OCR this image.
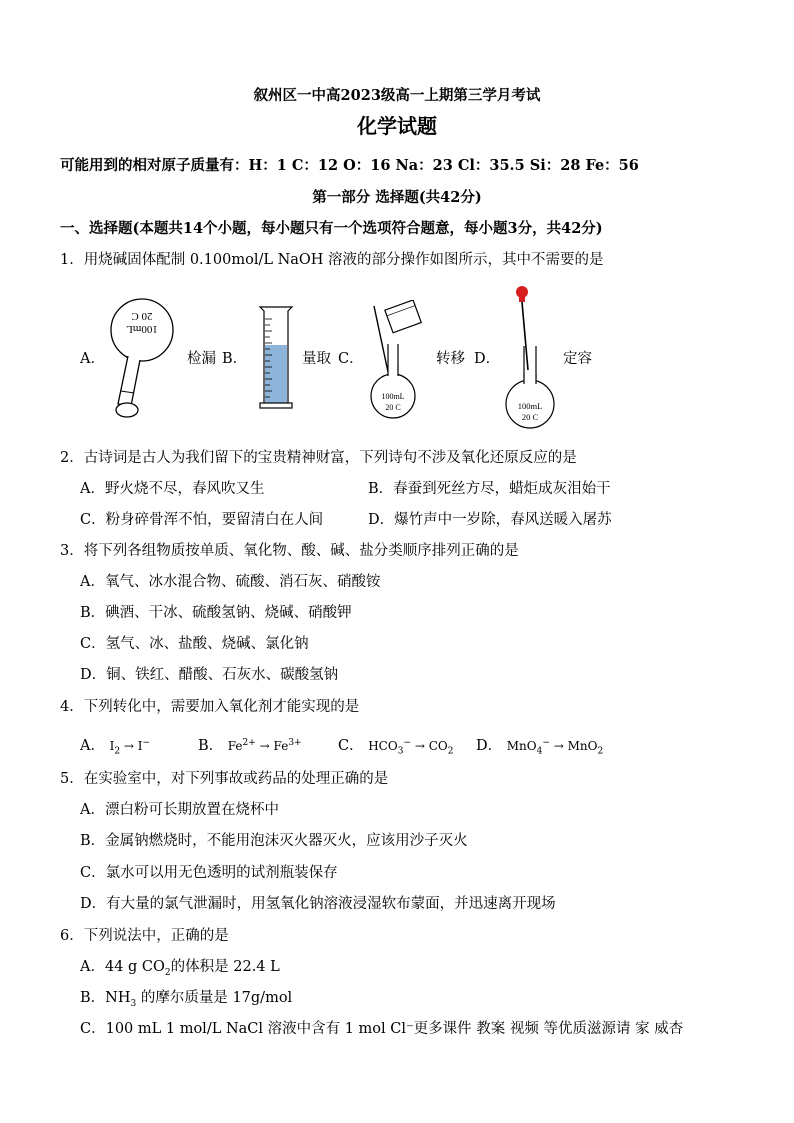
叙州区一中高2023级高一上期第三学月考试
化学试题
可能用到的相对原子质量有：H：1 C：12 O：16 Na：23 Cl：35.5 Si：28 Fe：56
第一部分 选择题(共42分)
一、选择题(本题共14个小题，每小题只有一个选项符合题意，每小题3分，共42分)
1．用烧碱固体配制 0.100mol/L NaOH 溶液的部分操作如图所示，其中不需要的是
A．
100mL
20 C
检漏 B．	量取 C．
100mL
20 C
转移 D．
100mL
20 C
定容
2．古诗词是古人为我们留下的宝贵精神财富，下列诗句不涉及氧化还原反应的是
A．野火烧不尽，春风吹又生	B．春蚕到死丝方尽，蜡炬成灰泪始干
C．粉身碎骨浑不怕，要留清白在人间	D．爆竹声中一岁除，春风送暖入屠苏
3．将下列各组物质按单质、氧化物、酸、碱、盐分类顺序排列正确的是
A．氧气、冰水混合物、硫酸、消石灰、硝酸铵
B．碘酒、干冰、硫酸氢钠、烧碱、硝酸钾
C．氢气、冰、盐酸、烧碱、氯化钠
D．铜、铁红、醋酸、石灰水、碳酸氢钠
4．下列转化中，需要加入氧化剂才能实现的是
A． $I_2 \to I^-$	B． $Fe^{2+} \to Fe^{3+}$	C． $HCO_3^- \to CO_2$ D． MnO$_4$− → MnO$_2$
5．在实验室中，对下列事故或药品的处理正确的是
A．漂白粉可长期放置在烧杯中
B．金属钠燃烧时，不能用泡沫灭火器灭火，应该用沙子灭火
C．氯水可以用无色透明的试剂瓶装保存
D．有大量的氯气泄漏时，用氢氧化钠溶液浸湿软布蒙面，并迅速离开现场
6．下列说法中，正确的是
A．44 g $CO_2$的体积是 22.4 L
B．$NH_3$ 的摩尔质量是 17g/mol
C．100 mL 1 mol/L NaCl 溶液中含有 1 mol Cl⁻更多课件 教案 视频 等优质滋源请 家 威杏
